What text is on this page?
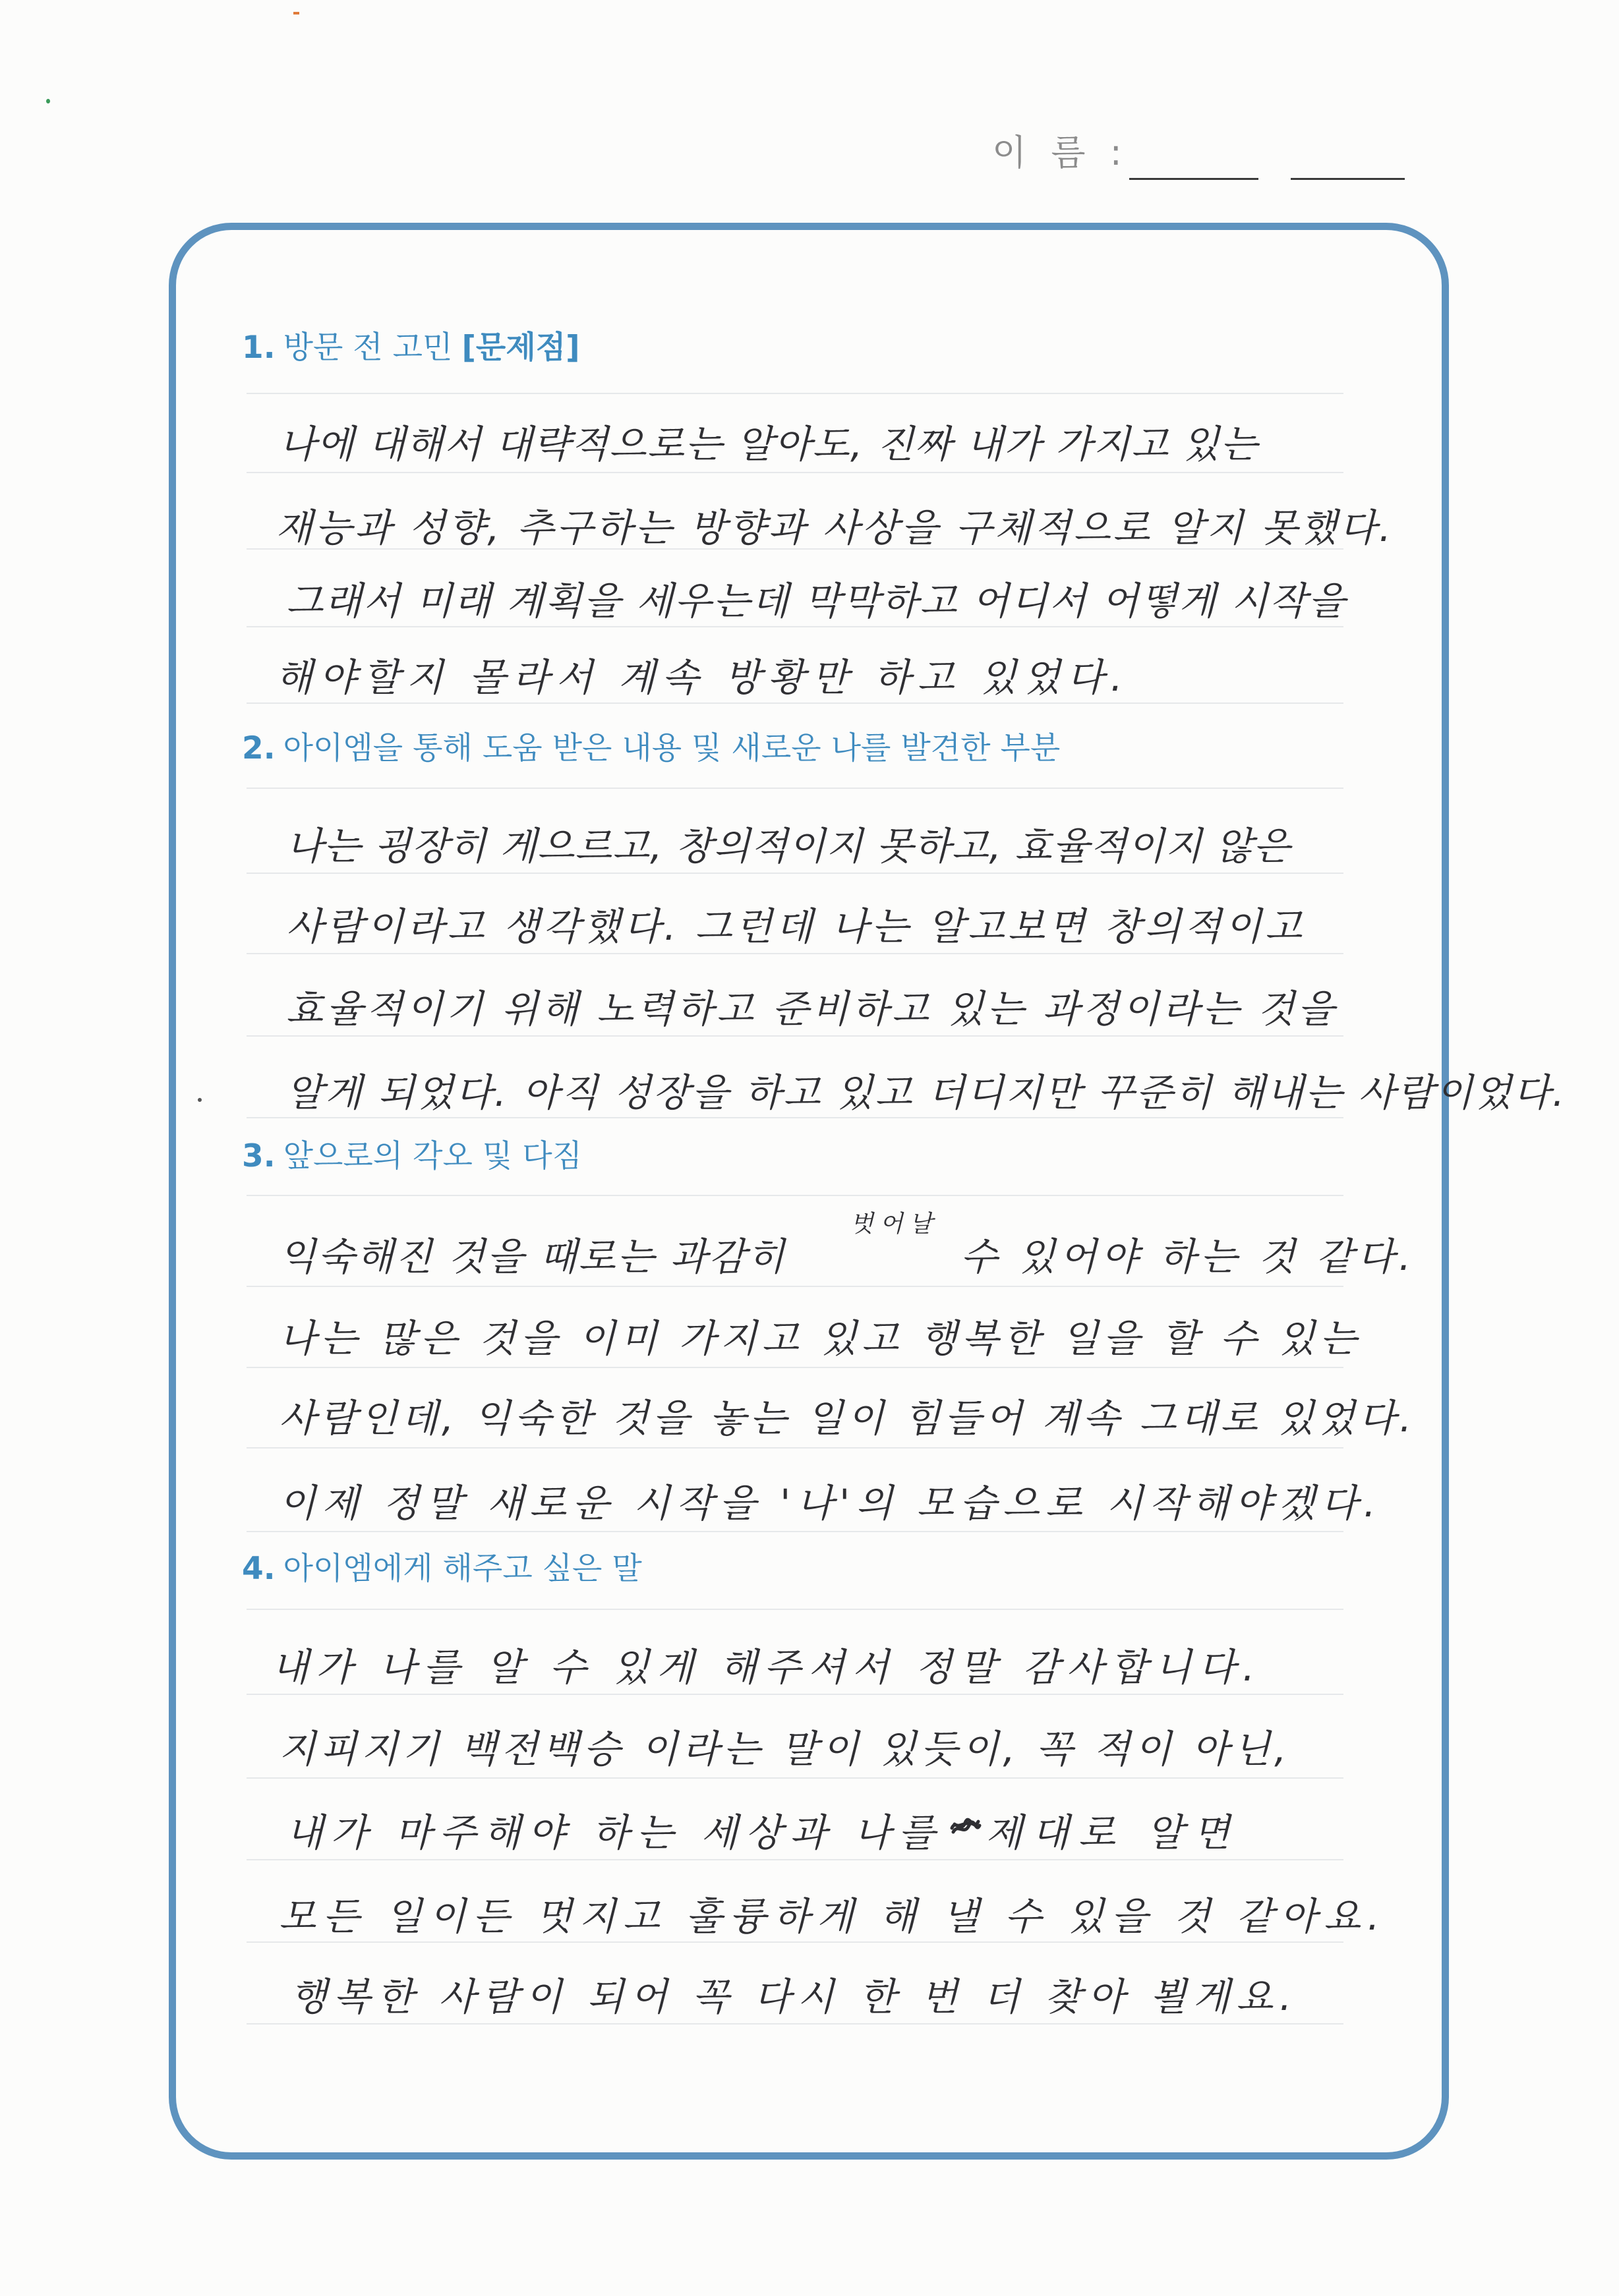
이 름 :
1. 방문 전 고민 [문제점]
나에 대해서 대략적으로는 알아도, 진짜 내가 가지고 있는
재능과 성향, 추구하는 방향과 사상을 구체적으로 알지 못했다.
그래서 미래 계획을 세우는데 막막하고 어디서 어떻게 시작을
해야할지 몰라서 계속 방황만 하고 있었다.
2. 아이엠을 통해 도움 받은 내용 및 새로운 나를 발견한 부분
나는 굉장히 게으르고, 창의적이지 못하고, 효율적이지 않은
사람이라고 생각했다. 그런데 나는 알고보면 창의적이고
효율적이기 위해 노력하고 준비하고 있는 과정이라는 것을
알게 되었다. 아직 성장을 하고 있고 더디지만 꾸준히 해내는 사람이었다.
3. 앞으로의 각오 및 다짐
익숙해진 것을 때로는 과감히
벗어날
수 있어야 하는 것 같다.
나는 많은 것을 이미 가지고 있고 행복한 일을 할 수 있는
사람인데, 익숙한 것을 놓는 일이 힘들어 계속 그대로 있었다.
이제 정말 새로운 시작을 '나'의 모습으로 시작해야겠다.
4. 아이엠에게 해주고 싶은 말
내가 나를 알 수 있게 해주셔서 정말 감사합니다.
지피지기 백전백승 이라는 말이 있듯이, 꼭 적이 아닌,
내가 마주해야 하는 세상과 나를 제대로 알면
모든 일이든 멋지고 훌륭하게 해 낼 수 있을 것 같아요.
행복한 사람이 되어 꼭 다시 한 번 더 찾아 뵐게요.
